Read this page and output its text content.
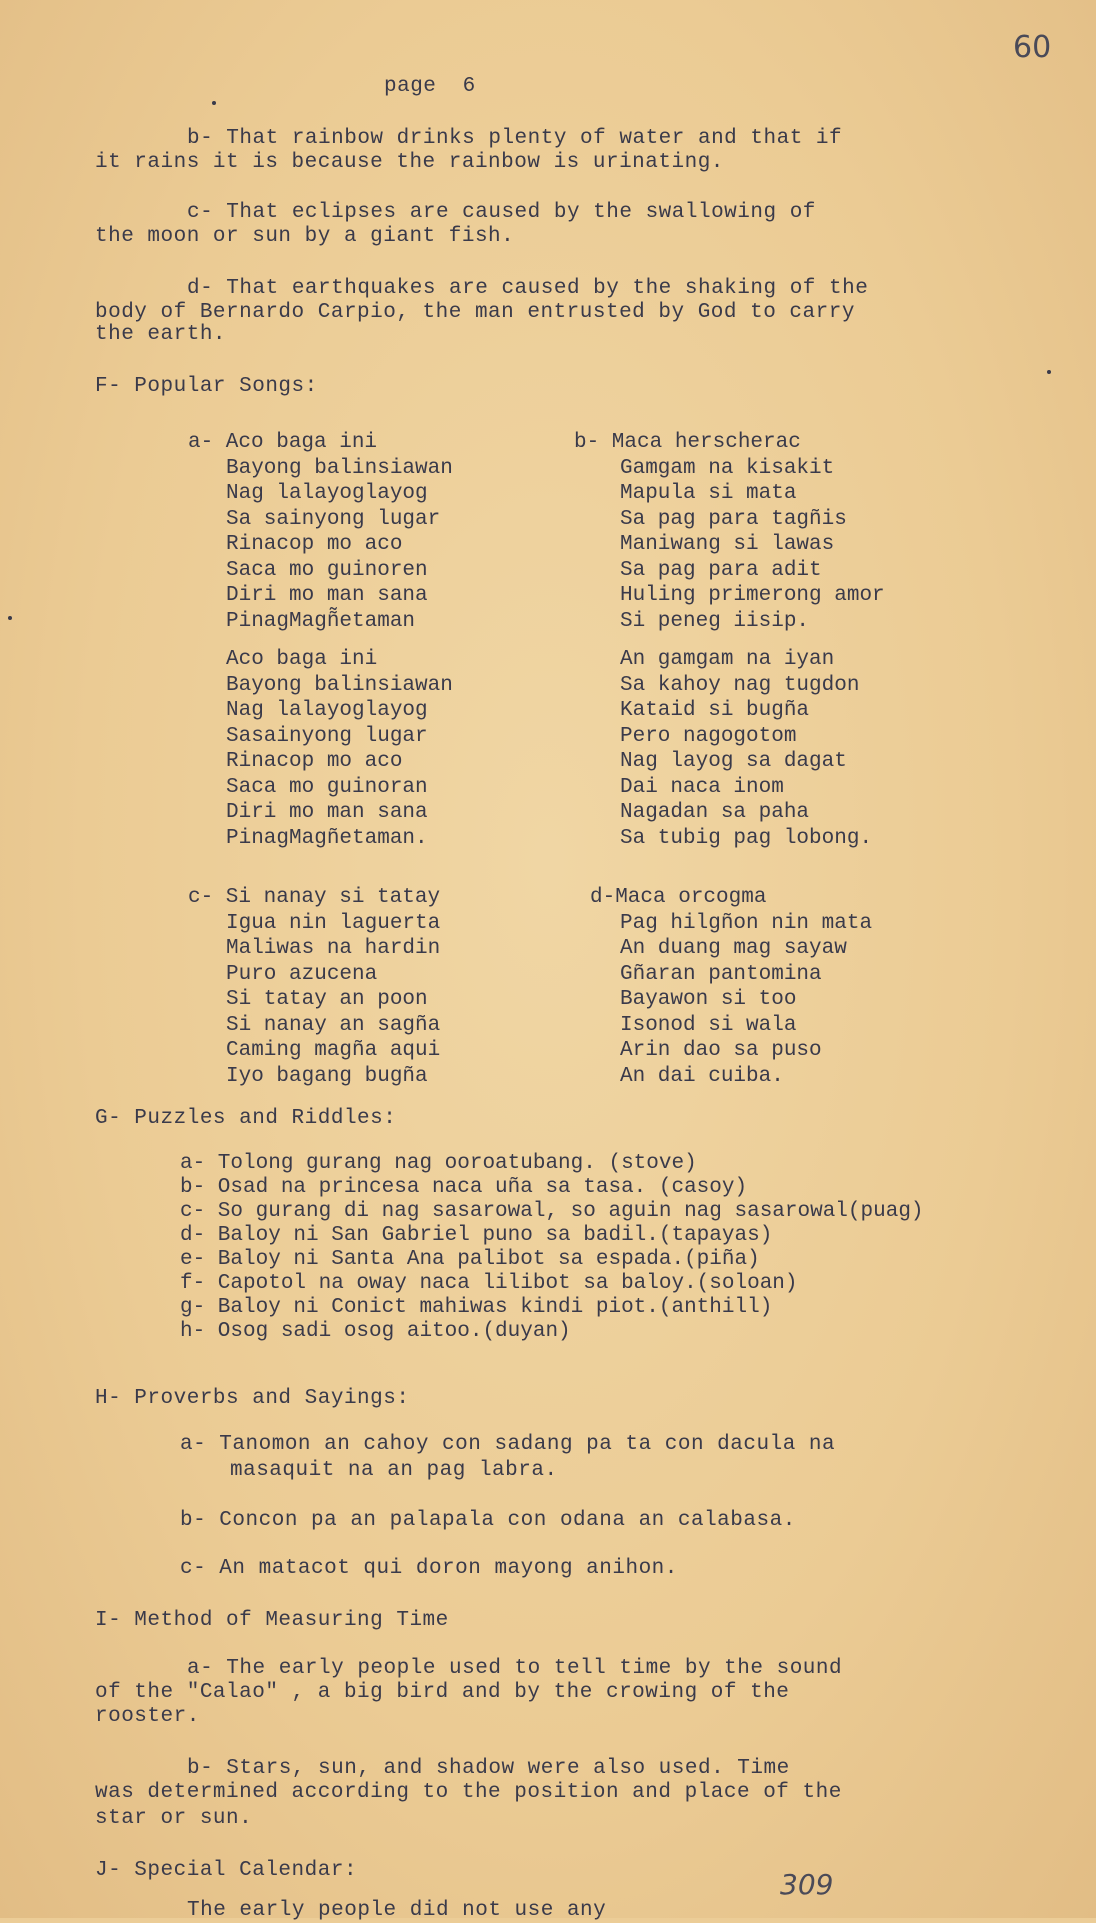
60
page  6
b- That rainbow drinks plenty of water and that if
it rains it is because the rainbow is urinating.
c- That eclipses are caused by the swallowing of
the moon or sun by a giant fish.
d- That earthquakes are caused by the shaking of the
body of Bernardo Carpio, the man entrusted by God to carry
the earth.
F- Popular Songs:
a- Aco baga ini
Bayong balinsiawan
Nag lalayoglayog
Sa sainyong lugar
Rinacop mo aco
Saca mo guinoren
Diri mo man sana
PinagMagñ̃etaman
Aco baga ini
Bayong balinsiawan
Nag lalayoglayog
Sasainyong lugar
Rinacop mo aco
Saca mo guinoran
Diri mo man sana
PinagMagñetaman.
b- Maca herscherac
Gamgam na kisakit
Mapula si mata
Sa pag para tagñis
Maniwang si lawas
Sa pag para adit
Huling primerong amor
Si peneg iisip.
An gamgam na iyan
Sa kahoy nag tugdon
Kataid si bugña
Pero nagogotom
Nag layog sa dagat
Dai naca inom
Nagadan sa paha
Sa tubig pag lobong.
c- Si nanay si tatay
Igua nin laguerta
Maliwas na hardin
Puro azucena
Si tatay an poon
Si nanay an sagña
Caming magña aqui
Iyo bagang bugña
d-Maca orcogma
Pag hilgñon nin mata
An duang mag sayaw
Gñaran pantomina
Bayawon si too
Isonod si wala
Arin dao sa puso
An dai cuiba.
G- Puzzles and Riddles:
a- Tolong gurang nag ooroatubang. (stove)
b- Osad na princesa naca uña sa tasa. (casoy)
c- So gurang di nag sasarowal, so aguin nag sasarowal(puag)
d- Baloy ni San Gabriel puno sa badil.(tapayas)
e- Baloy ni Santa Ana palibot sa espada.(piña)
f- Capotol na oway naca lilibot sa baloy.(soloan)
g- Baloy ni Conict mahiwas kindi piot.(anthill)
h- Osog sadi osog aitoo.(duyan)
H- Proverbs and Sayings:
a- Tanomon an cahoy con sadang pa ta con dacula na
masaquit na an pag labra.
b- Concon pa an palapala con odana an calabasa.
c- An matacot qui doron mayong anihon.
I- Method of Measuring Time
a- The early people used to tell time by the sound
of the "Calao" , a big bird and by the crowing of the
rooster.
b- Stars, sun, and shadow were also used. Time
was determined according to the position and place of the
star or sun.
J- Special Calendar:
The early people did not use any
309
